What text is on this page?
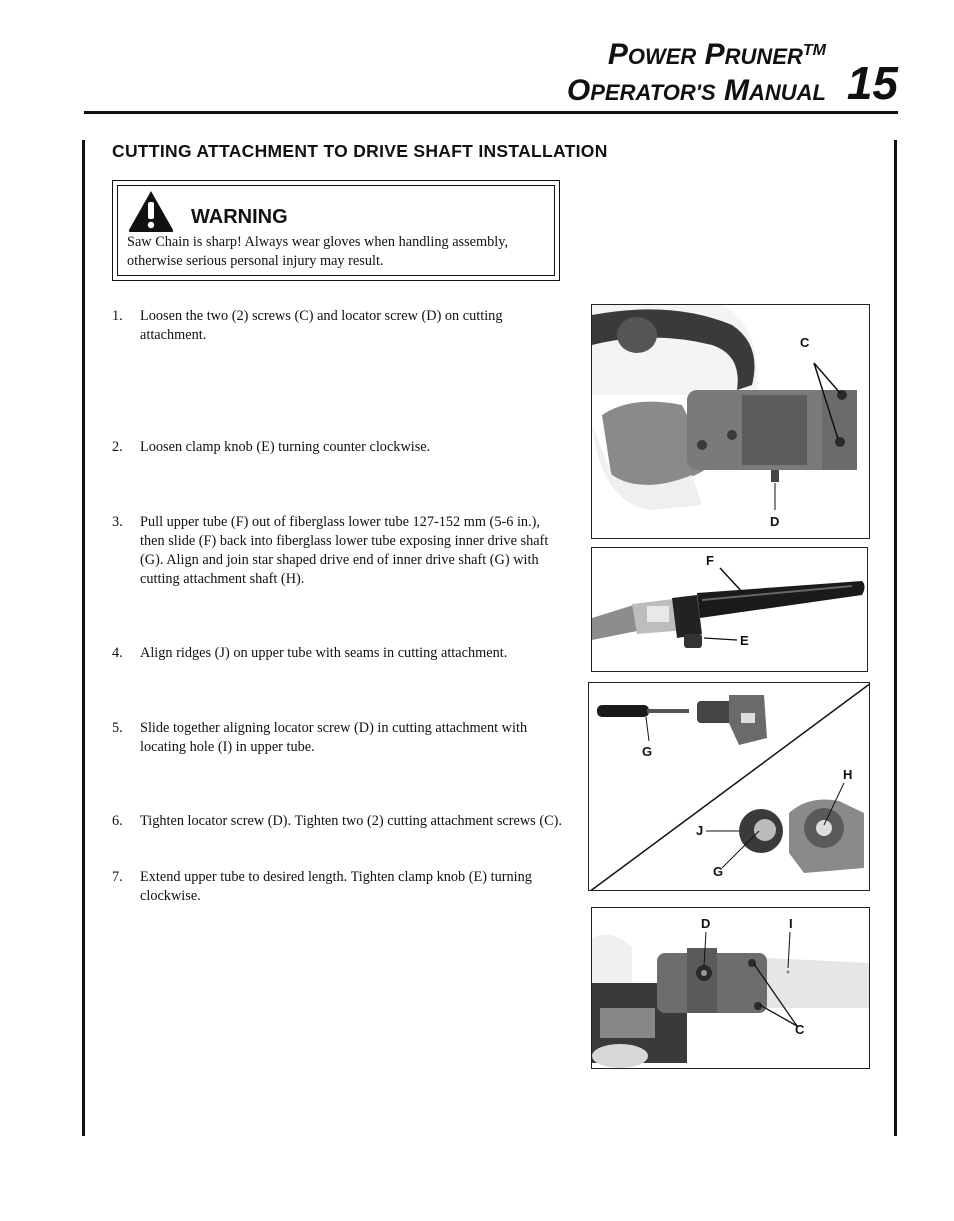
POWER PRUNER™
OPERATOR'S MANUAL 15
CUTTING ATTACHMENT TO DRIVE SHAFT INSTALLATION
WARNING
Saw Chain is sharp! Always wear gloves when handling assembly, otherwise serious personal injury may result.
1. Loosen the two (2) screws (C) and locator screw (D) on cutting attachment.
2. Loosen clamp knob (E) turning counter clockwise.
3. Pull upper tube (F) out of fiberglass lower tube 127-152 mm (5-6 in.), then slide (F) back into fiberglass lower tube exposing inner drive shaft (G). Align and join star shaped drive end of inner drive shaft (G) with cutting attachment shaft (H).
4. Align ridges (J) on upper tube with seams in cutting attachment.
5. Slide together aligning locator screw (D) in cutting attachment with locating hole (I) in upper tube.
6. Tighten locator screw (D). Tighten two (2) cutting attachment screws (C).
7. Extend upper tube to desired length. Tighten clamp knob (E) turning clockwise.
C
D
F
E
G
H
J
G
D	I
C
